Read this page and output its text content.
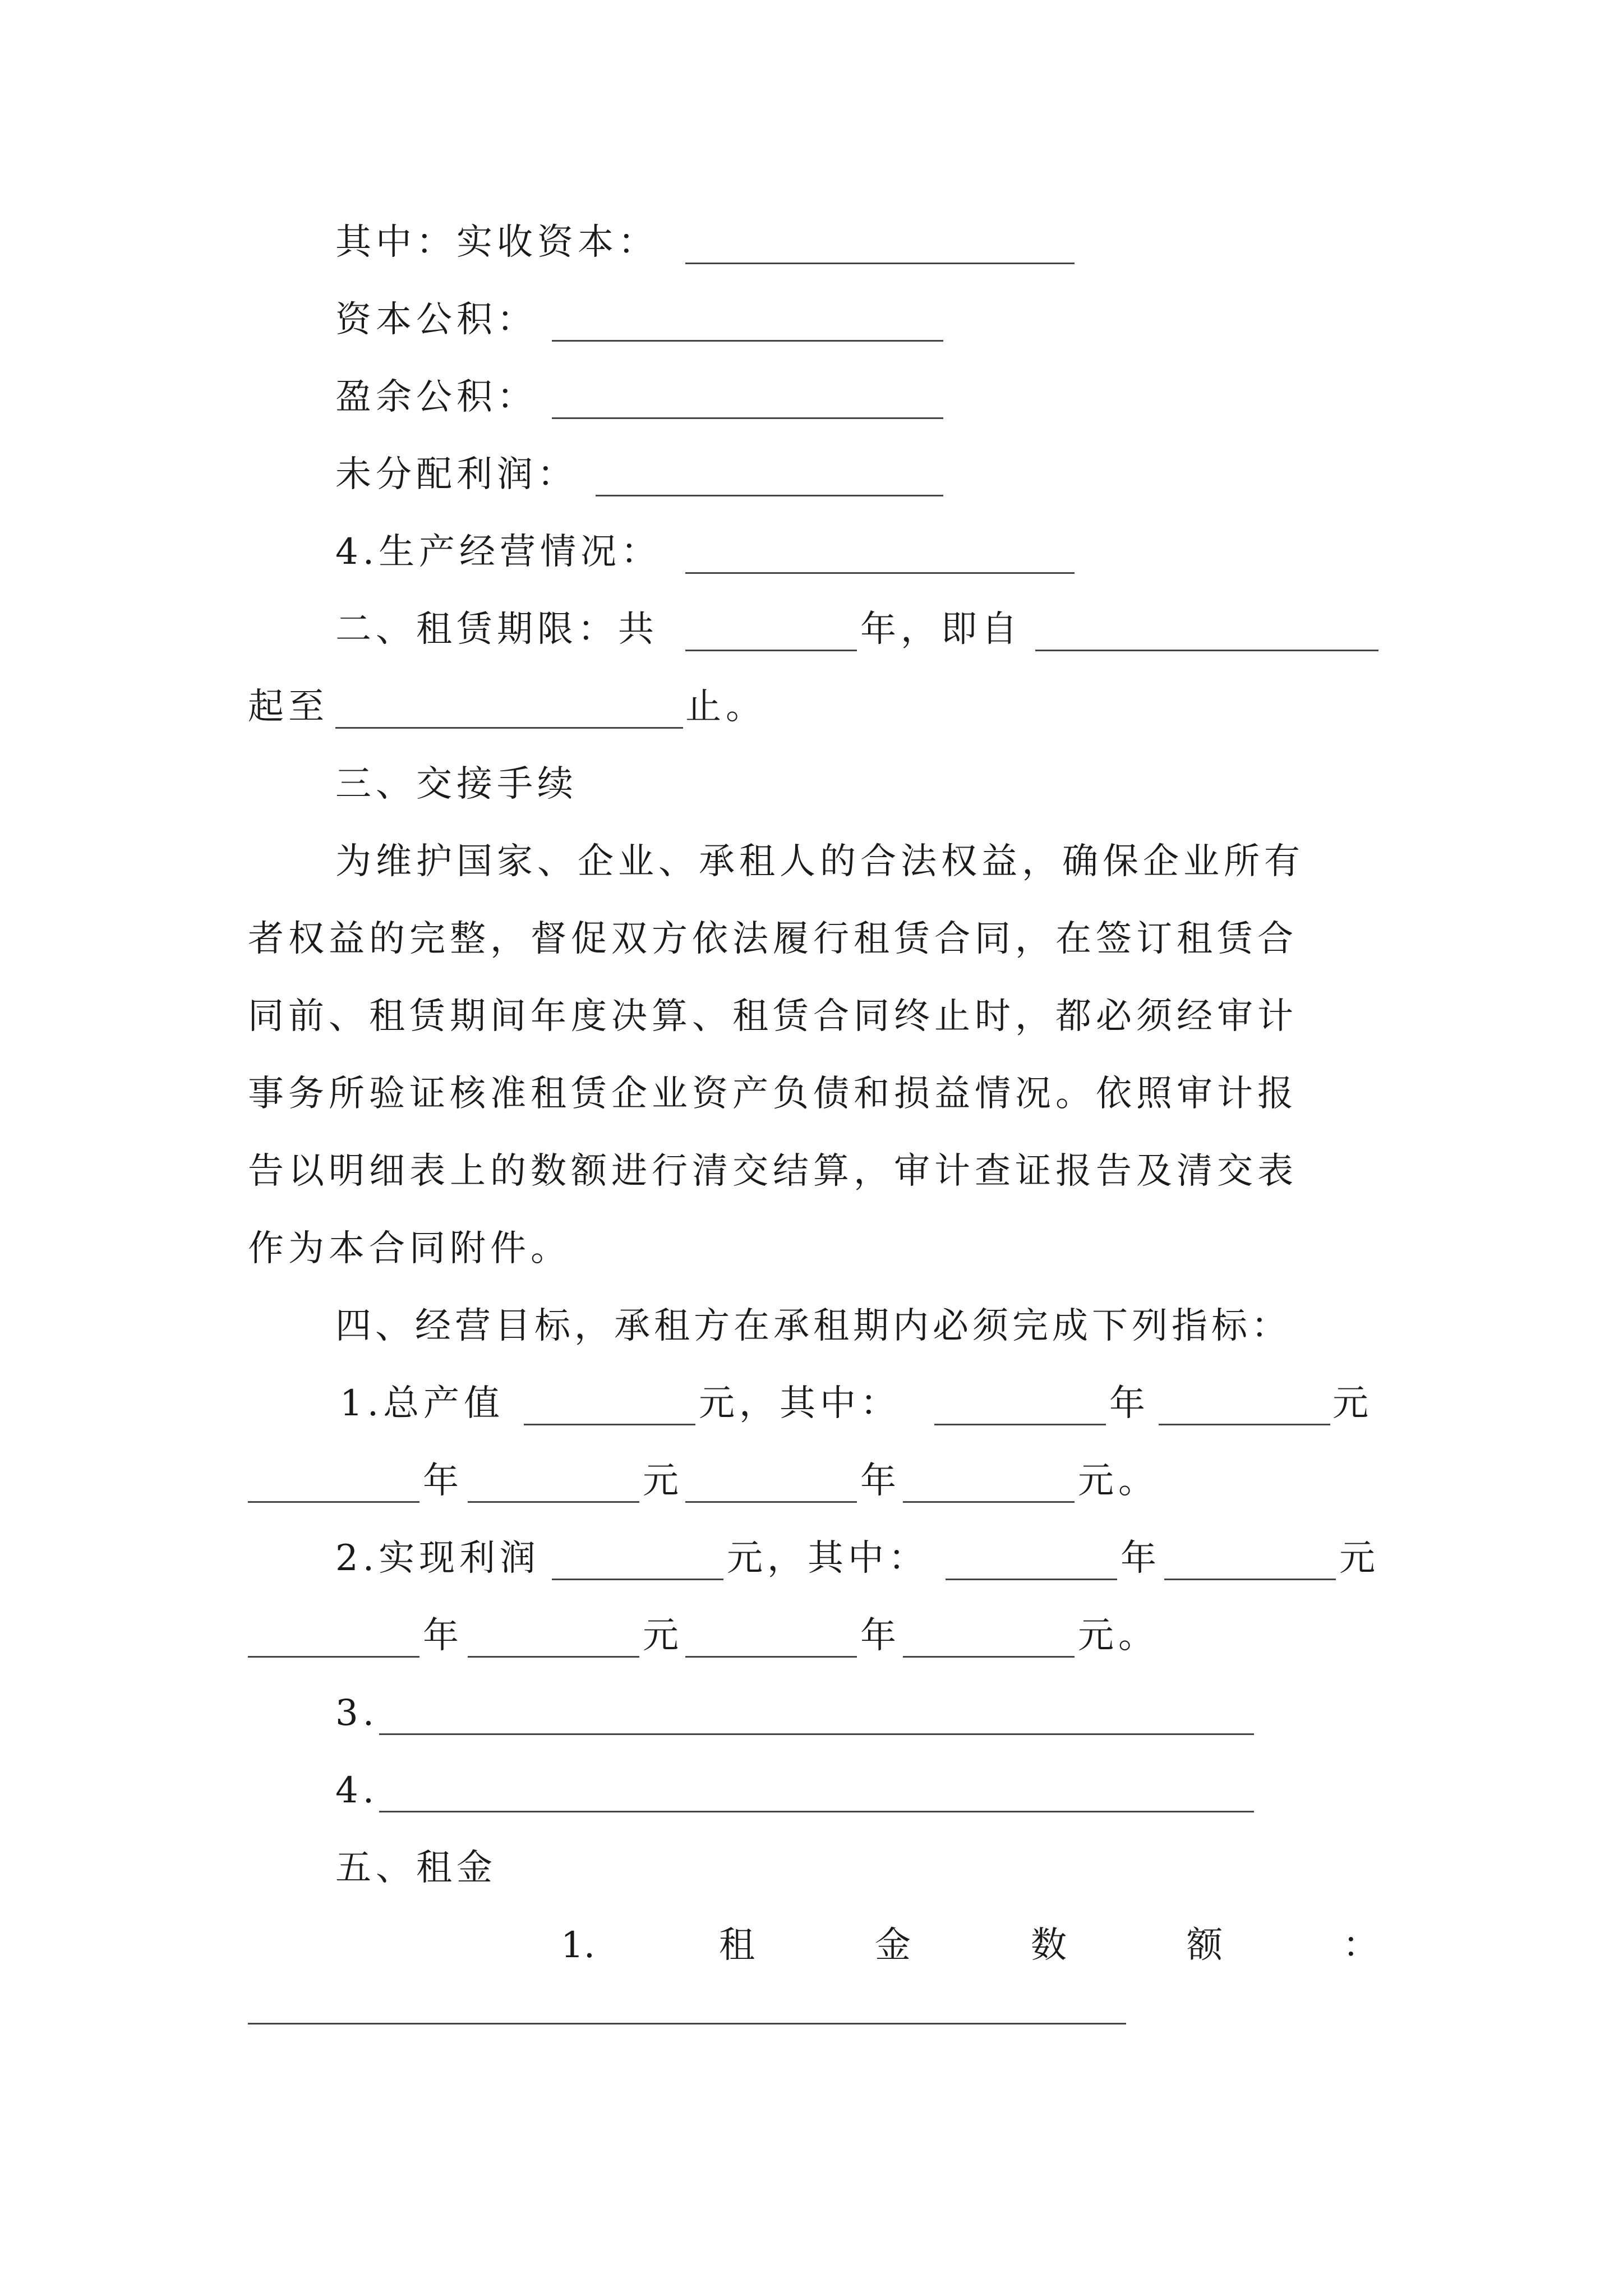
其中：实收资本：
资本公积：
盈余公积：
未分配利润：
4.生产经营情况：
二、租赁期限：共	年，即自
起至	止。
三、交接手续
为维护国家、企业、承租人的合法权益，确保企业所有
者权益的完整，督促双方依法履行租赁合同，在签订租赁合
同前、租赁期间年度决算、租赁合同终止时，都必须经审计
事务所验证核准租赁企业资产负债和损益情况。依照审计报
告以明细表上的数额进行清交结算，审计查证报告及清交表
作为本合同附件。
四、经营目标，承租方在承租期内必须完成下列指标：
1.总产值	元，其中：	年	元
年	元	年	元。
2.实现利润	元，其中：	年	元
年	元	年	元。
3.
4.
五、租金
1.	租	金	数	额	：
